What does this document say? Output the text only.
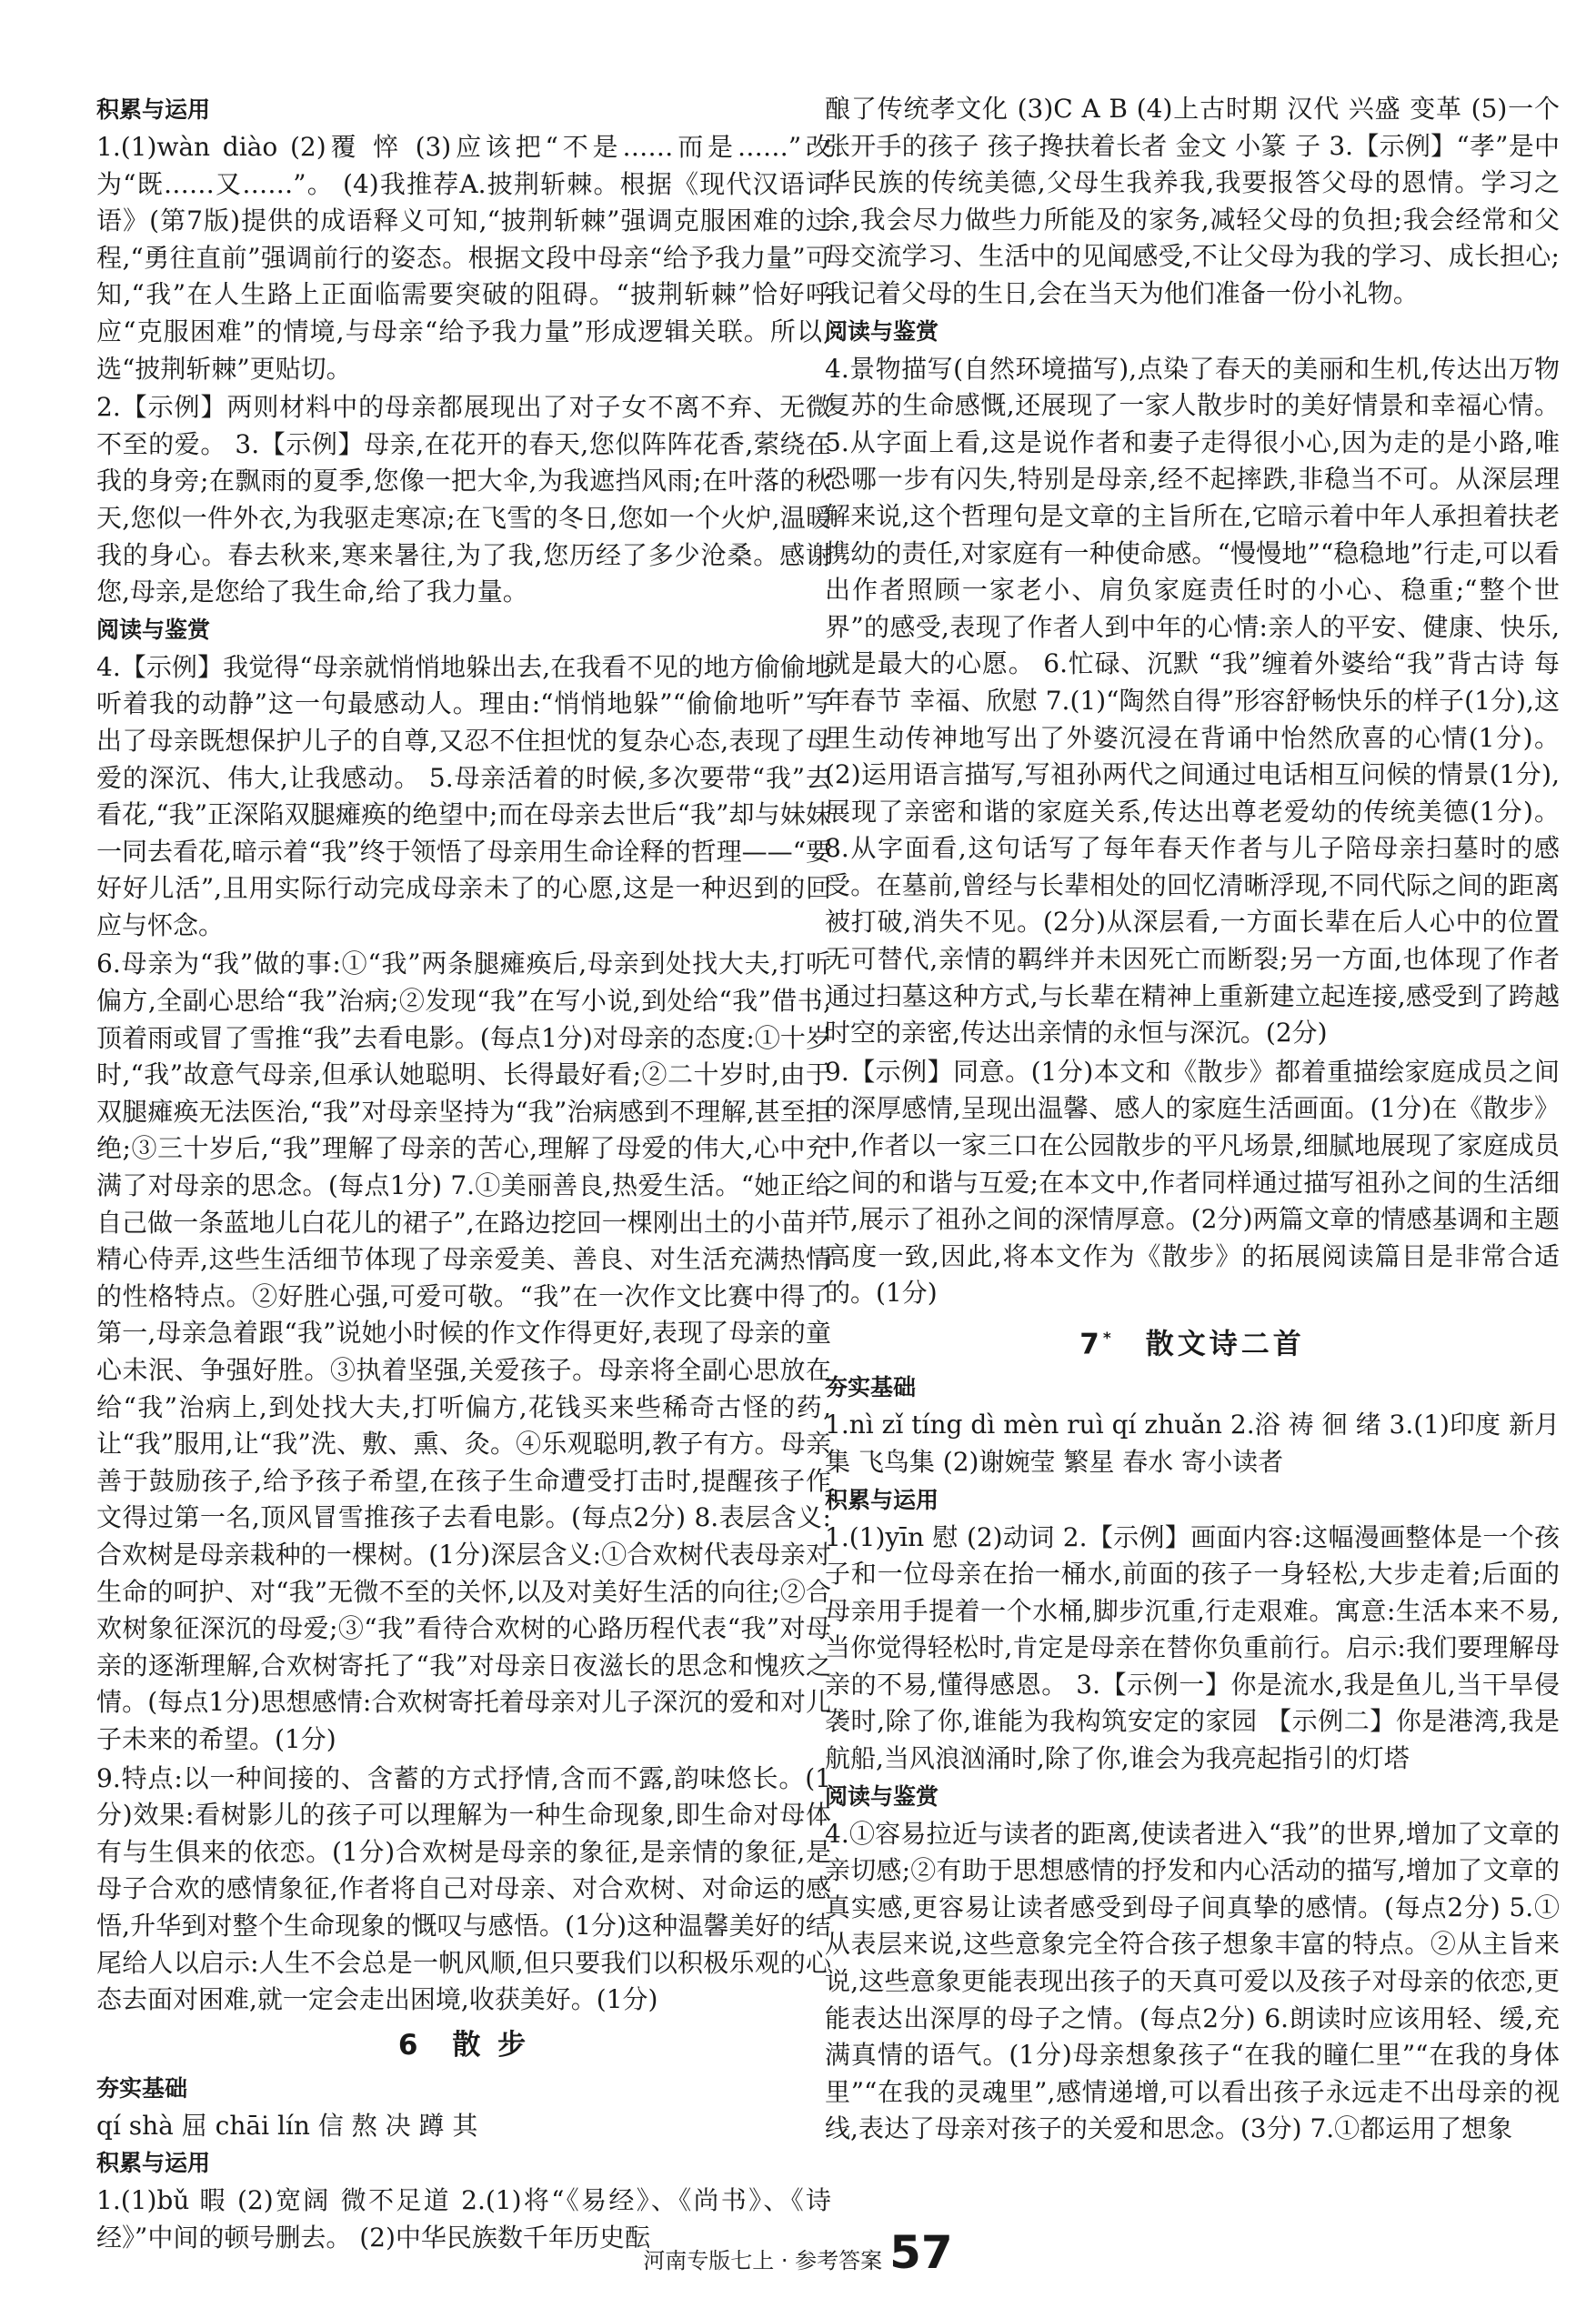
积累与运用

1.(1)wàn diào (2)覆 悴 (3)应该把“不是……而是……”改为“既……又……”。 (4)我推荐A.披荆斩棘。根据《现代汉语词语》(第7版)提供的成语释义可知,“披荆斩棘”强调克服困难的过程,“勇往直前”强调前行的姿态。根据文段中母亲“给予我力量”可知,“我”在人生路上正面临需要突破的阻碍。“披荆斩棘”恰好呼应“克服困难”的情境,与母亲“给予我力量”形成逻辑关联。所以,选“披荆斩棘”更贴切。

2.【示例】两则材料中的母亲都展现出了对子女不离不弃、无微不至的爱。 3.【示例】母亲,在花开的春天,您似阵阵花香,萦绕在我的身旁;在飘雨的夏季,您像一把大伞,为我遮挡风雨;在叶落的秋天,您似一件外衣,为我驱走寒凉;在飞雪的冬日,您如一个火炉,温暖我的身心。春去秋来,寒来暑往,为了我,您历经了多少沧桑。感谢您,母亲,是您给了我生命,给了我力量。

阅读与鉴赏

4.【示例】我觉得“母亲就悄悄地躲出去,在我看不见的地方偷偷地听着我的动静”这一句最感动人。理由:“悄悄地躲”“偷偷地听”写出了母亲既想保护儿子的自尊,又忍不住担忧的复杂心态,表现了母爱的深沉、伟大,让我感动。 5.母亲活着的时候,多次要带“我”去看花,“我”正深陷双腿瘫痪的绝望中;而在母亲去世后“我”却与妹妹一同去看花,暗示着“我”终于领悟了母亲用生命诠释的哲理——“要好好儿活”,且用实际行动完成母亲未了的心愿,这是一种迟到的回应与怀念。

6.母亲为“我”做的事:①“我”两条腿瘫痪后,母亲到处找大夫,打听偏方,全副心思给“我”治病;②发现“我”在写小说,到处给“我”借书,顶着雨或冒了雪推“我”去看电影。(每点1分)对母亲的态度:①十岁时,“我”故意气母亲,但承认她聪明、长得最好看;②二十岁时,由于双腿瘫痪无法医治,“我”对母亲坚持为“我”治病感到不理解,甚至拒绝;③三十岁后,“我”理解了母亲的苦心,理解了母爱的伟大,心中充满了对母亲的思念。(每点1分) 7.①美丽善良,热爱生活。“她正给自己做一条蓝地儿白花儿的裙子”,在路边挖回一棵刚出土的小苗并精心侍弄,这些生活细节体现了母亲爱美、善良、对生活充满热情的性格特点。②好胜心强,可爱可敬。“我”在一次作文比赛中得了第一,母亲急着跟“我”说她小时候的作文作得更好,表现了母亲的童心未泯、争强好胜。③执着坚强,关爱孩子。母亲将全副心思放在给“我”治病上,到处找大夫,打听偏方,花钱买来些稀奇古怪的药,让“我”服用,让“我”洗、敷、熏、灸。④乐观聪明,教子有方。母亲善于鼓励孩子,给予孩子希望,在孩子生命遭受打击时,提醒孩子作文得过第一名,顶风冒雪推孩子去看电影。(每点2分) 8.表层含义:合欢树是母亲栽种的一棵树。(1分)深层含义:①合欢树代表母亲对生命的呵护、对“我”无微不至的关怀,以及对美好生活的向往;②合欢树象征深沉的母爱;③“我”看待合欢树的心路历程代表“我”对母亲的逐渐理解,合欢树寄托了“我”对母亲日夜滋长的思念和愧疚之情。(每点1分)思想感情:合欢树寄托着母亲对儿子深沉的爱和对儿子未来的希望。(1分)

9.特点:以一种间接的、含蓄的方式抒情,含而不露,韵味悠长。(1分)效果:看树影儿的孩子可以理解为一种生命现象,即生命对母体有与生俱来的依恋。(1分)合欢树是母亲的象征,是亲情的象征,是母子合欢的感情象征,作者将自己对母亲、对合欢树、对命运的感悟,升华到对整个生命现象的慨叹与感悟。(1分)这种温馨美好的结尾给人以启示:人生不会总是一帆风顺,但只要我们以积极乐观的心态去面对困难,就一定会走出困境,收获美好。(1分)

6 散 步
夯实基础

qí shà 屈 chāi lín 信 熬 决 蹲 其

积累与运用

1.(1)bǔ 暇 (2)宽阔 微不足道 2.(1)将“《易经》、《尚书》、《诗经》”中间的顿号删去。 (2)中华民族数千年历史酝

酿了传统孝文化 (3)C A B (4)上古时期 汉代 兴盛 变革 (5)一个张开手的孩子 孩子搀扶着长者 金文 小篆 子 3.【示例】“孝”是中华民族的传统美德,父母生我养我,我要报答父母的恩情。学习之余,我会尽力做些力所能及的家务,减轻父母的负担;我会经常和父母交流学习、生活中的见闻感受,不让父母为我的学习、成长担心;我记着父母的生日,会在当天为他们准备一份小礼物。

阅读与鉴赏

4.景物描写(自然环境描写),点染了春天的美丽和生机,传达出万物复苏的生命感慨,还展现了一家人散步时的美好情景和幸福心情。 5.从字面上看,这是说作者和妻子走得很小心,因为走的是小路,唯恐哪一步有闪失,特别是母亲,经不起摔跌,非稳当不可。从深层理解来说,这个哲理句是文章的主旨所在,它暗示着中年人承担着扶老携幼的责任,对家庭有一种使命感。“慢慢地”“稳稳地”行走,可以看出作者照顾一家老小、肩负家庭责任时的小心、稳重;“整个世界”的感受,表现了作者人到中年的心情:亲人的平安、健康、快乐,就是最大的心愿。 6.忙碌、沉默 “我”缠着外婆给“我”背古诗 每年春节 幸福、欣慰 7.(1)“陶然自得”形容舒畅快乐的样子(1分),这里生动传神地写出了外婆沉浸在背诵中怡然欣喜的心情(1分)。 (2)运用语言描写,写祖孙两代之间通过电话相互问候的情景(1分),展现了亲密和谐的家庭关系,传达出尊老爱幼的传统美德(1分)。 8.从字面看,这句话写了每年春天作者与儿子陪母亲扫墓时的感受。在墓前,曾经与长辈相处的回忆清晰浮现,不同代际之间的距离被打破,消失不见。(2分)从深层看,一方面长辈在后人心中的位置无可替代,亲情的羁绊并未因死亡而断裂;另一方面,也体现了作者通过扫墓这种方式,与长辈在精神上重新建立起连接,感受到了跨越时空的亲密,传达出亲情的永恒与深沉。(2分)

9.【示例】同意。(1分)本文和《散步》都着重描绘家庭成员之间的深厚感情,呈现出温馨、感人的家庭生活画面。(1分)在《散步》中,作者以一家三口在公园散步的平凡场景,细腻地展现了家庭成员之间的和谐与互爱;在本文中,作者同样通过描写祖孙之间的生活细节,展示了祖孙之间的深情厚意。(2分)两篇文章的情感基调和主题高度一致,因此,将本文作为《散步》的拓展阅读篇目是非常合适的。(1分)

7* 散文诗二首
夯实基础

1.nì zǐ tíng dì mèn ruì qí zhuǎn 2.浴 祷 徊 绪 3.(1)印度 新月集 飞鸟集 (2)谢婉莹 繁星 春水 寄小读者

积累与运用

1.(1)yīn 慰 (2)动词 2.【示例】画面内容:这幅漫画整体是一个孩子和一位母亲在抬一桶水,前面的孩子一身轻松,大步走着;后面的母亲用手提着一个水桶,脚步沉重,行走艰难。寓意:生活本来不易,当你觉得轻松时,肯定是母亲在替你负重前行。启示:我们要理解母亲的不易,懂得感恩。 3.【示例一】你是流水,我是鱼儿,当干旱侵袭时,除了你,谁能为我构筑安定的家园 【示例二】你是港湾,我是航船,当风浪汹涌时,除了你,谁会为我亮起指引的灯塔

阅读与鉴赏

4.①容易拉近与读者的距离,使读者进入“我”的世界,增加了文章的亲切感;②有助于思想感情的抒发和内心活动的描写,增加了文章的真实感,更容易让读者感受到母子间真挚的感情。(每点2分) 5.①从表层来说,这些意象完全符合孩子想象丰富的特点。②从主旨来说,这些意象更能表现出孩子的天真可爱以及孩子对母亲的依恋,更能表达出深厚的母子之情。(每点2分) 6.朗读时应该用轻、缓,充满真情的语气。(1分)母亲想象孩子“在我的瞳仁里”“在我的身体里”“在我的灵魂里”,感情递增,可以看出孩子永远走不出母亲的视线,表达了母亲对孩子的关爱和思念。(3分) 7.①都运用了想象

河南专版七上 · 参考答案 57
